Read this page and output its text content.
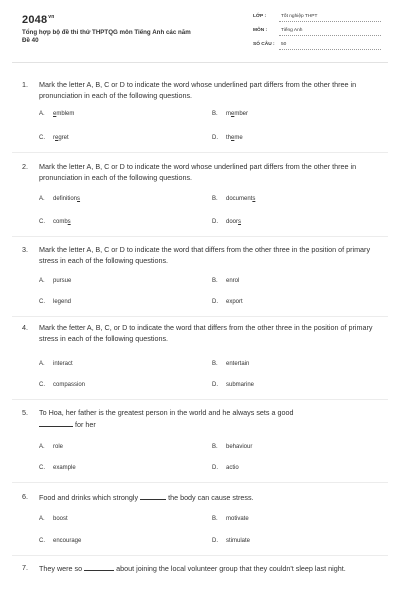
$2048^{vn}$
Tổng hợp bộ đề thi thử THPTQG môn Tiếng Anh các năm
Đề 40
LỚP :	Tốt nghiệp THPT
MÔN :	Tiếng Anh
SỐ CÂU : 50
1. Mark the letter A, B, C or D to indicate the word whose underlined part differs from the other three in pronunciation in each of the following questions.
A. emblem	B. member
C. regret	D. theme
2. Mark the letter A, B, C or D to indicate the word whose underlined part differs from the other three in pronunciation in each of the following questions.
A. definitions	B. documents
C. combs	D. doors
3. Mark the letter A, B, C or D to indicate the word that differs from the other three in the position of primary stress in each of the following questions.
A. pursue	B. enrol
C. legend	D. export
4. Mark the fetter A, B, C, or D to indicate the word that differs from the other three in the position of primary stress in each of the following questions.
A. interact	B. entertain
C. compassion	D. submarine
5. To Hoa, her father is the greatest person in the world and he always sets a good
for her
A. role	B. behaviour
C. example	D. actio
6. Food and drinks which strongly	the body can cause stress.
A. boost	B. motivate
C. encourage	D. stimulate
7. They were so	about joining the local volunteer group that they couldn't sleep last night.
